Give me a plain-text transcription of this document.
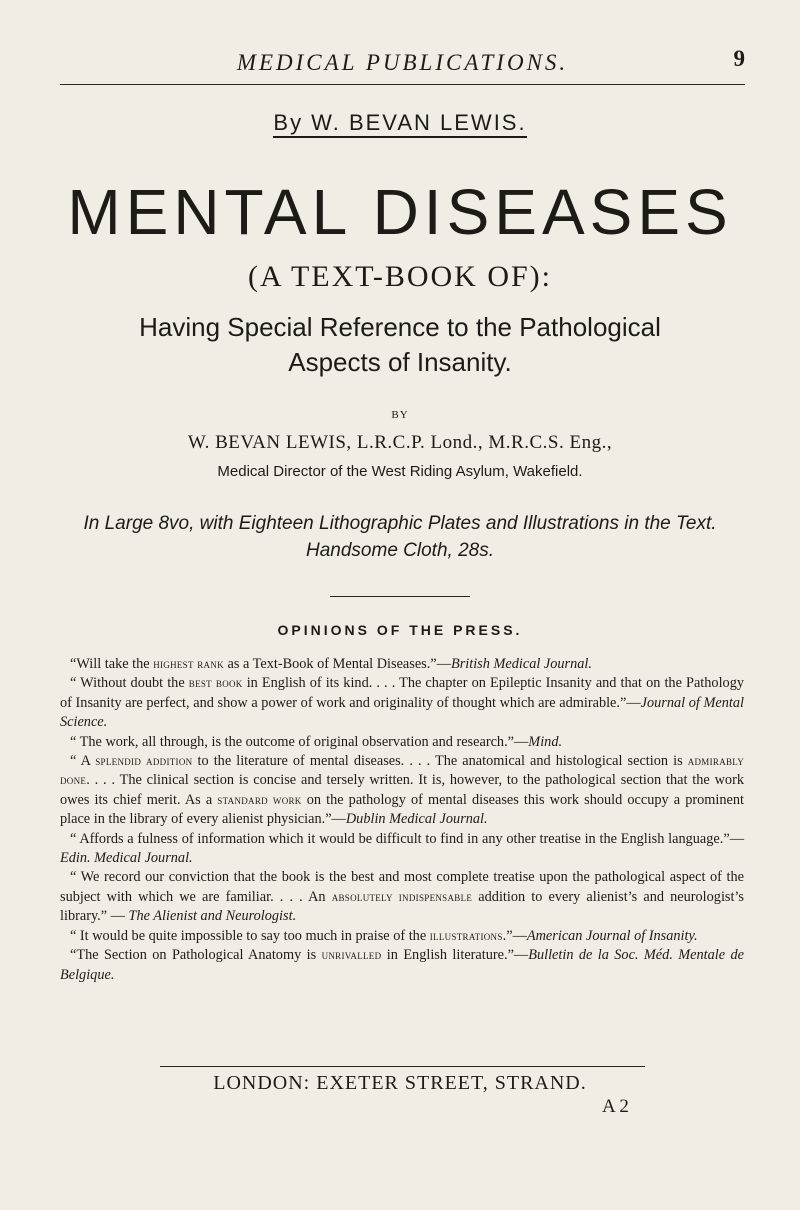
MEDICAL PUBLICATIONS.	9
By W. BEVAN LEWIS.
MENTAL DISEASES
(A TEXT-BOOK OF):
Having Special Reference to the Pathological
Aspects of Insanity.
BY
W. BEVAN LEWIS, L.R.C.P. Lond., M.R.C.S. Eng.,
Medical Director of the West Riding Asylum, Wakefield.
In Large 8vo, with Eighteen Lithographic Plates and Illustrations in the Text.
Handsome Cloth, 28s.
OPINIONS OF THE PRESS.

“Will take the highest rank as a Text-Book of Mental Diseases.”—British Medical Journal.

“ Without doubt the best book in English of its kind. . . . The chapter on Epileptic Insanity and that on the Pathology of Insanity are perfect, and show a power of work and originality of thought which are admirable.”—Journal of Mental Science.

“ The work, all through, is the outcome of original observation and research.”—Mind.

“ A splendid addition to the literature of mental diseases. . . . The anatomical and histological section is admirably done. . . . The clinical section is concise and tersely written. It is, however, to the pathological section that the work owes its chief merit. As a standard work on the pathology of mental diseases this work should occupy a prominent place in the library of every alienist physician.”—Dublin Medical Journal.

“ Affords a fulness of information which it would be difficult to find in any other treatise in the English language.”—Edin. Medical Journal.

“ We record our conviction that the book is the best and most complete treatise upon the pathological aspect of the subject with which we are familiar. . . . An absolutely indispensable addition to every alienist’s and neurologist’s library.” — The Alienist and Neurologist.

“ It would be quite impossible to say too much in praise of the illustrations.”—American Journal of Insanity.

“The Section on Pathological Anatomy is unrivalled in English literature.”—Bulletin de la Soc. Méd. Mentale de Belgique.

LONDON: EXETER STREET, STRAND.
A 2
